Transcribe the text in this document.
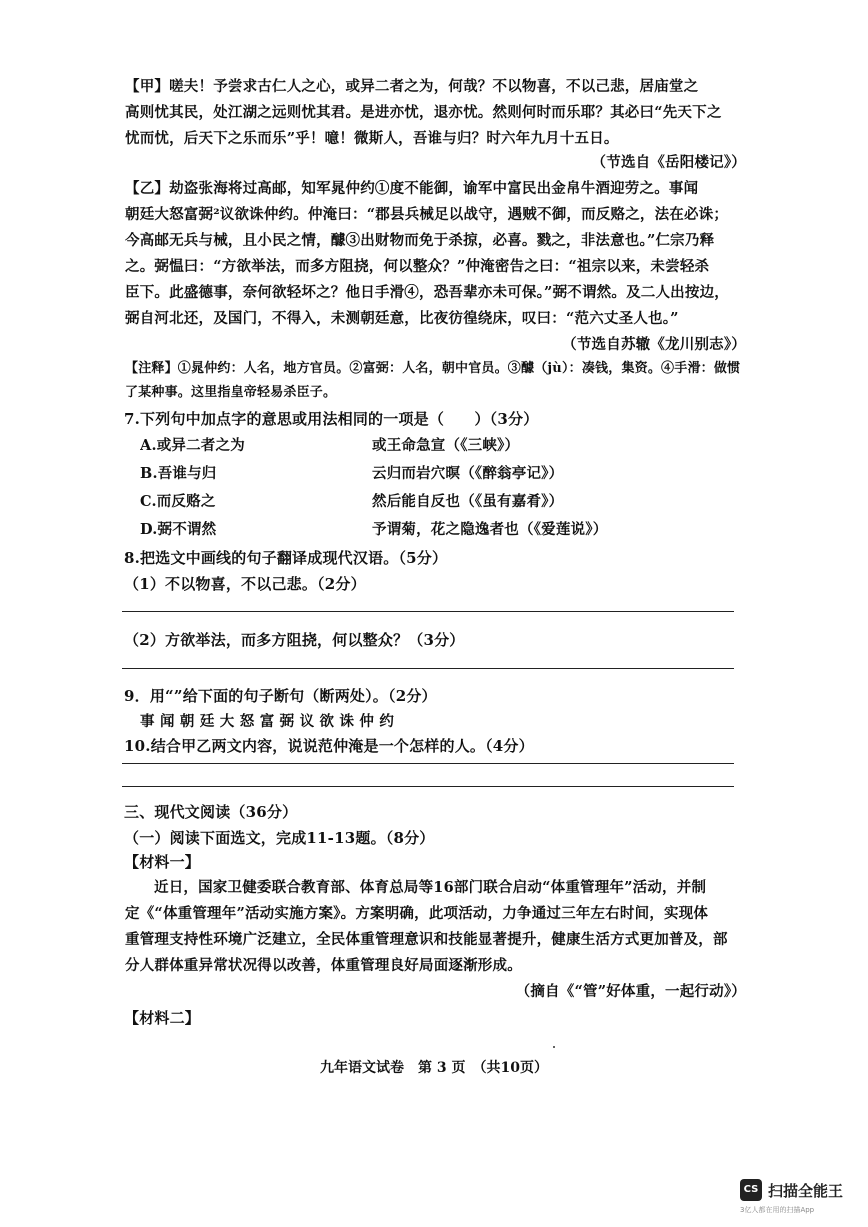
【甲】嗟夫！予尝求古仁人之心，或异二者之为，何哉？不以物喜，不以己悲，居庙堂之
高则忧其民，处江湖之远则忧其君。是进亦忧，退亦忧。然则何时而乐耶？其必曰“先天下之
忧而忧，后天下之乐而乐”乎！噫！微斯人，吾谁与归？时六年九月十五日。
（节选自《岳阳楼记》）
【乙】劫盗张海将过高邮，知军晁仲约①度不能御，谕军中富民出金帛牛酒迎劳之。事闻
朝廷大怒富弼²议欲诛仲约。仲淹曰：“郡县兵械足以战守，遇贼不御，而反赂之，法在必诛；
今高邮无兵与械，且小民之情，醵③出财物而免于杀掠，必喜。戮之，非法意也。”仁宗乃释
之。弼愠曰：“方欲举法，而多方阻挠，何以整众？”仲淹密告之曰：“祖宗以来，未尝轻杀
臣下。此盛德事，奈何欲轻坏之？他日手滑④，恐吾辈亦未可保。”弼不谓然。及二人出按边，
弼自河北还，及国门，不得入，未测朝廷意，比夜彷徨绕床，叹曰：“范六丈圣人也。”
（节选自苏辙《龙川别志》）
【注释】①晁仲约：人名，地方官员。②富弼：人名，朝中官员。③醵（jù）：凑钱，集资。④手滑：做惯
了某种事。这里指皇帝轻易杀臣子。
7.下列句中加点字的意思或用法相同的一项是（　　）（3分）
A.或异二者之为	或王命急宣（《三峡》）
B.吾谁与归	云归而岩穴暝（《醉翁亭记》）
C.而反赂之	然后能自反也（《虽有嘉肴》）
D.弼不谓然	予谓菊，花之隐逸者也（《爱莲说》）
8.把选文中画线的句子翻译成现代汉语。（5分）
（1）不以物喜，不以己悲。（2分）
（2）方欲举法，而多方阻挠，何以整众？（3分）
9．用“”给下面的句子断句（断两处）。（2分）
事 闻 朝 廷 大 怒 富 弼 议 欲 诛 仲 约
10.结合甲乙两文内容，说说范仲淹是一个怎样的人。（4分）
三、现代文阅读（36分）
（一）阅读下面选文，完成11-13题。（8分）
【材料一】
近日，国家卫健委联合教育部、体育总局等16部门联合启动“体重管理年”活动，并制
定《“体重管理年”活动实施方案》。方案明确，此项活动，力争通过三年左右时间，实现体
重管理支持性环境广泛建立，全民体重管理意识和技能显著提升，健康生活方式更加普及，部
分人群体重异常状况得以改善，体重管理良好局面逐渐形成。
（摘自《“管”好体重，一起行动》）
【材料二】
九年语文试卷　第 3 页　（共10页）
CS 扫描全能王
3亿人都在用的扫描App
